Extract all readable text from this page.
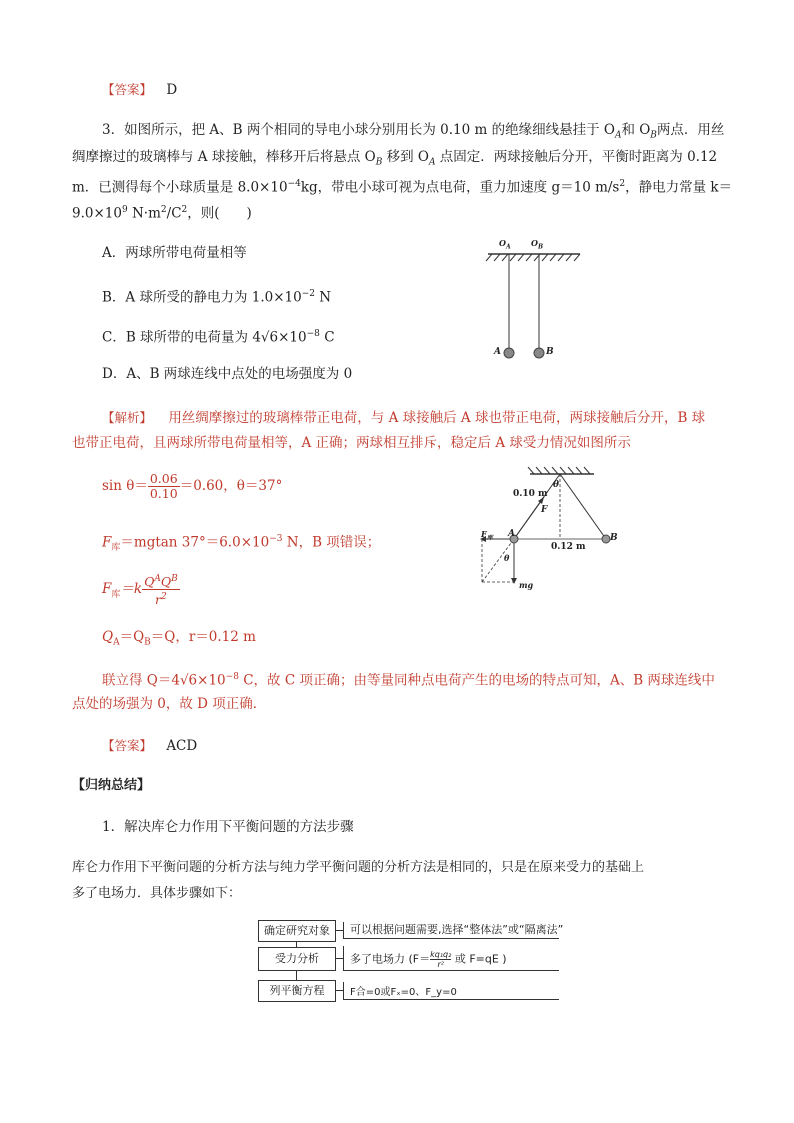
【答案】 D
3．如图所示，把 A、B 两个相同的导电小球分别用长为 0.10 m 的绝缘细线悬挂于 $O_A$和 $O_B$两点．用丝
绸摩擦过的玻璃棒与 A 球接触，棒移开后将悬点 $O_B$ 移到 $O_A$ 点固定．两球接触后分开，平衡时距离为 0.12
m．已测得每个小球质量是 $8.0\times 10^{-4}kg$，带电小球可视为点电荷，重力加速度 g＝10 $m/s^2$，静电力常量 k＝
$9.0\times 10^9$ $N\cdot m^2/C^2$，则(　　)
A．两球所带电荷量相等
B．A 球所受的静电力为 $1.0\times 10^{-2}$ N
C．B 球所带的电荷量为 $4√6\times 10^{-8}$ C
D．A、B 两球连线中点处的电场强度为 0
$O_A$	$O_B$
A	B
【解析】 用丝绸摩擦过的玻璃棒带正电荷，与 A 球接触后 A 球也带正电荷，两球接触后分开，B 球
也带正电荷，且两球所带电荷量相等，A 正确；两球相互排斥，稳定后 A 球受力情况如图所示
$\sin \theta= \frac{0.06}{0.10} =0.60$，θ＝37°
$F_库=mgtan$ $37^\circ=6.0\times 10^{-3}$ N，B 项错误；
$F_库=k \frac{Q^AQ^B}{r^2}$
$Q_A=Q_B=Q$，r＝0.12 m
联立得 $Q=4√6\times 10^{-8}$ C，故 C 项正确；由等量同种点电荷产生的电场的特点可知，A、B 两球连线中
点处的场强为 0，故 D 项正确．
0.10 m
θ
F
$F_库$ A	B
0.12 m
θ
mg
【答案】 ACD
【归纳总结】
1．解决库仑力作用下平衡问题的方法步骤
库仑力作用下平衡问题的分析方法与纯力学平衡问题的分析方法是相同的，只是在原来受力的基础上
多了电场力．具体步骤如下：
确定研究对象	可以根据问题需要,选择“整体法”或“隔离法”
受力分析	多了电场力 ($F= \frac{\text{kq₁q₂}}{\text{r²}}$ 或 F=qE )
列平衡方程	F合=0或Fₓ=0、F_y=0
